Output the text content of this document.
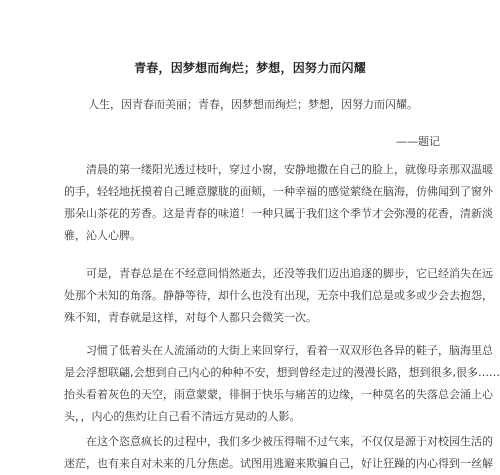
青春，因梦想而绚烂；梦想，因努力而闪耀
人生，因青春而美丽；青春，因梦想而绚烂；梦想，因努力而闪耀。
——题记

清晨的第一缕阳光透过枝叶，穿过小窗，安静地撒在自己的脸上，就像母亲那双温暖
的手，轻轻地抚摸着自己睡意朦胧的面颊，一种幸福的感觉萦绕在脑海，仿佛闻到了窗外
那朵山茶花的芳香。这是青春的味道！一种只属于我们这个季节才会弥漫的花香，清新淡
雅，沁人心脾。

可是，青春总是在不经意间悄然逝去，还没等我们迈出追逐的脚步，它已经消失在远
处那个未知的角落。静静等待，却什么也没有出现，无奈中我们总是或多或少会去抱怨，
殊不知，青春就是这样，对每个人都只会微笑一次。

习惯了低着头在人流涌动的大街上来回穿行，看着一双双形色各异的鞋子，脑海里总
是会浮想联翩,会想到自己内心的种种不安，想到曾经走过的漫漫长路，想到很多,很多……
抬头看着灰色的天空，雨意蒙蒙，徘徊于快乐与痛苦的边缘，一种莫名的失落总会涌上心
头，，内心的焦灼让自己看不清远方晃动的人影。

在这个恣意疯长的过程中，我们多少被压得喘不过气来，不仅仅是源于对校园生活的
迷茫，也有来自对未来的几分焦虑。试图用逃避来欺骗自己，好让狂躁的内心得到一丝解
